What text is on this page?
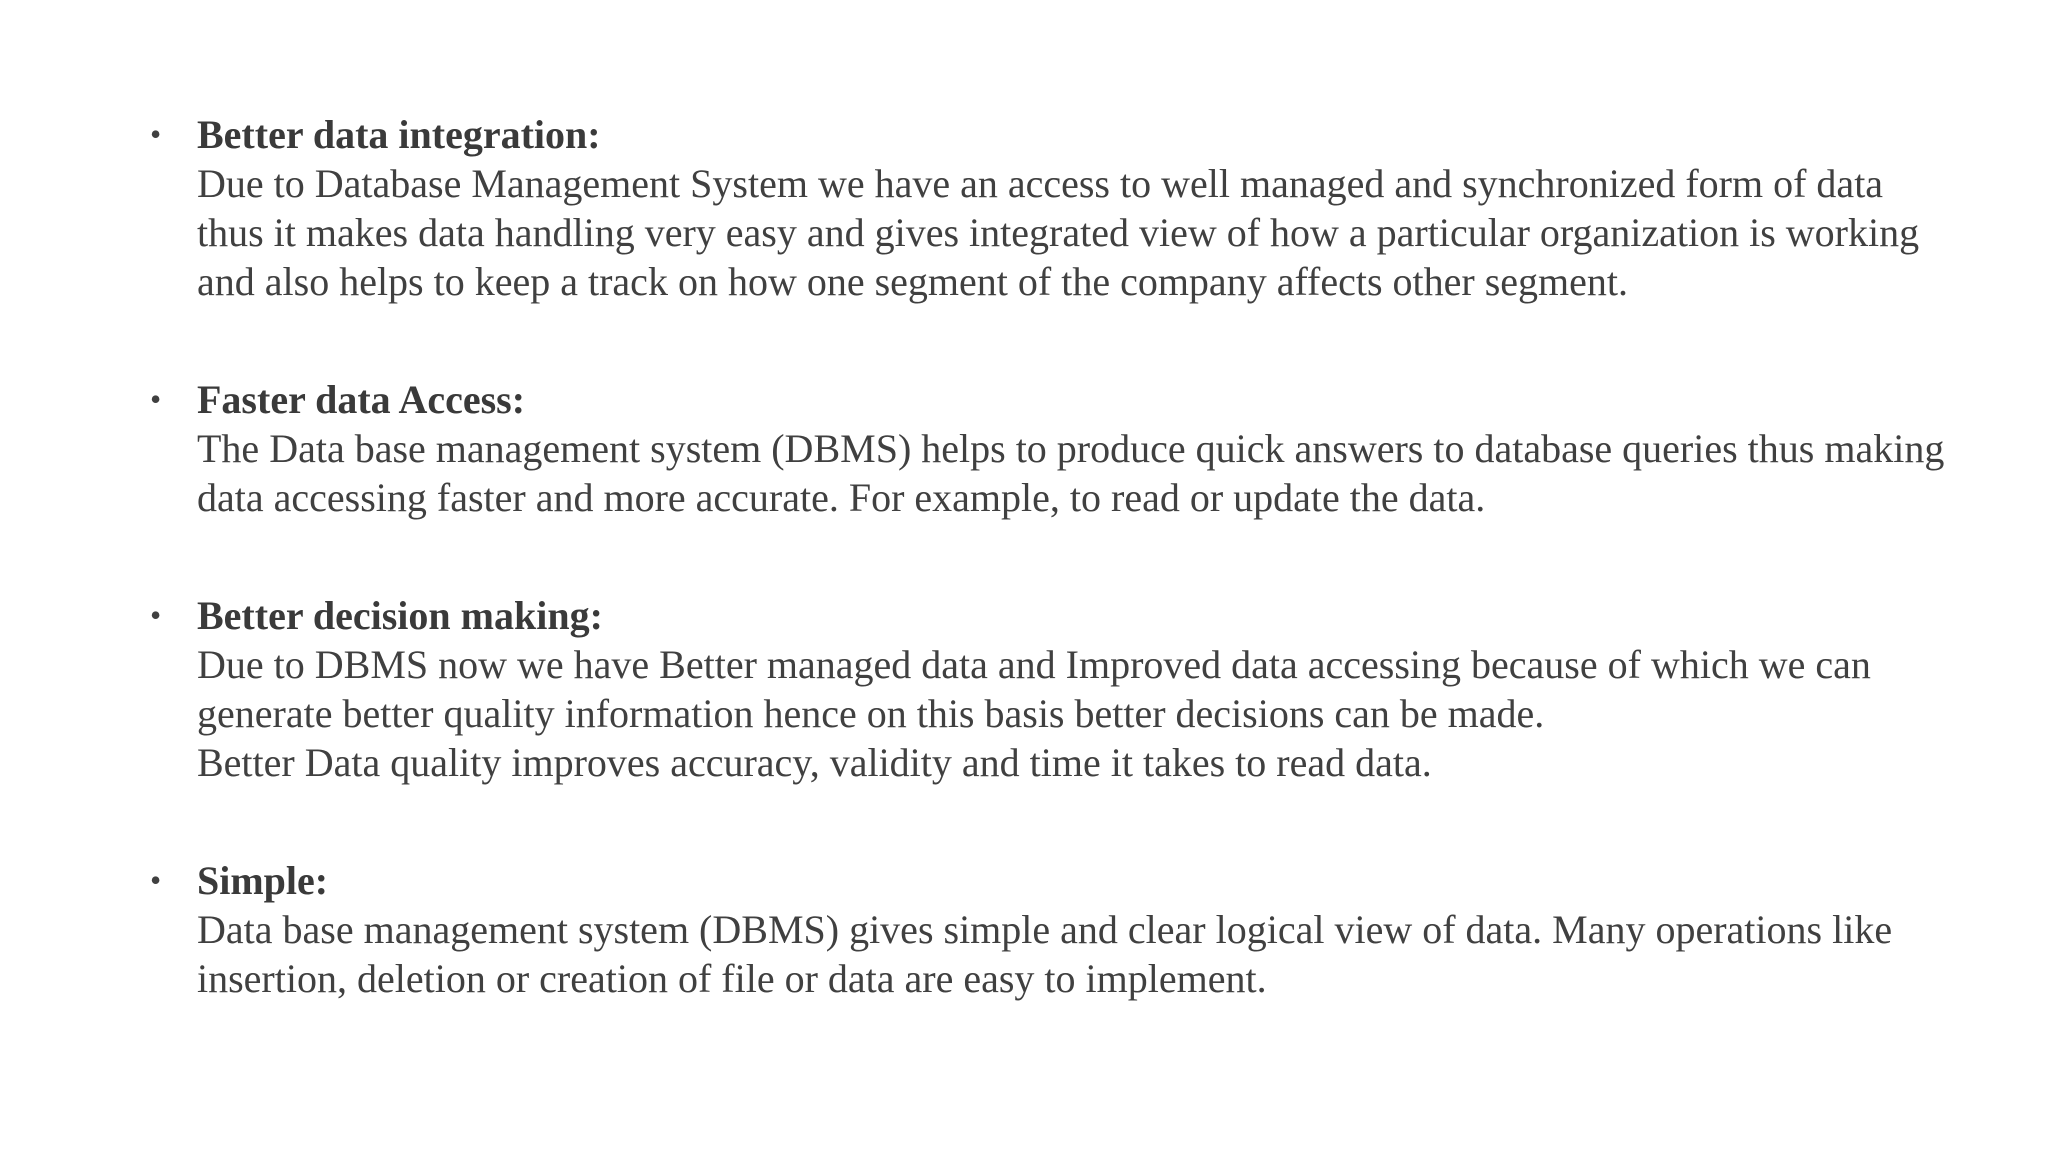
• Better data integration:
Due to Database Management System we have an access to well managed and synchronized form of data thus it makes data handling very easy and gives integrated view of how a particular organization is working and also helps to keep a track on how one segment of the company affects other segment.
• Faster data Access:
The Data base management system (DBMS) helps to produce quick answers to database queries thus making data accessing faster and more accurate. For example, to read or update the data.
• Better decision making:
Due to DBMS now we have Better managed data and Improved data accessing because of which we can generate better quality information hence on this basis better decisions can be made.
Better Data quality improves accuracy, validity and time it takes to read data.
• Simple:
Data base management system (DBMS) gives simple and clear logical view of data. Many operations like insertion, deletion or creation of file or data are easy to implement.
